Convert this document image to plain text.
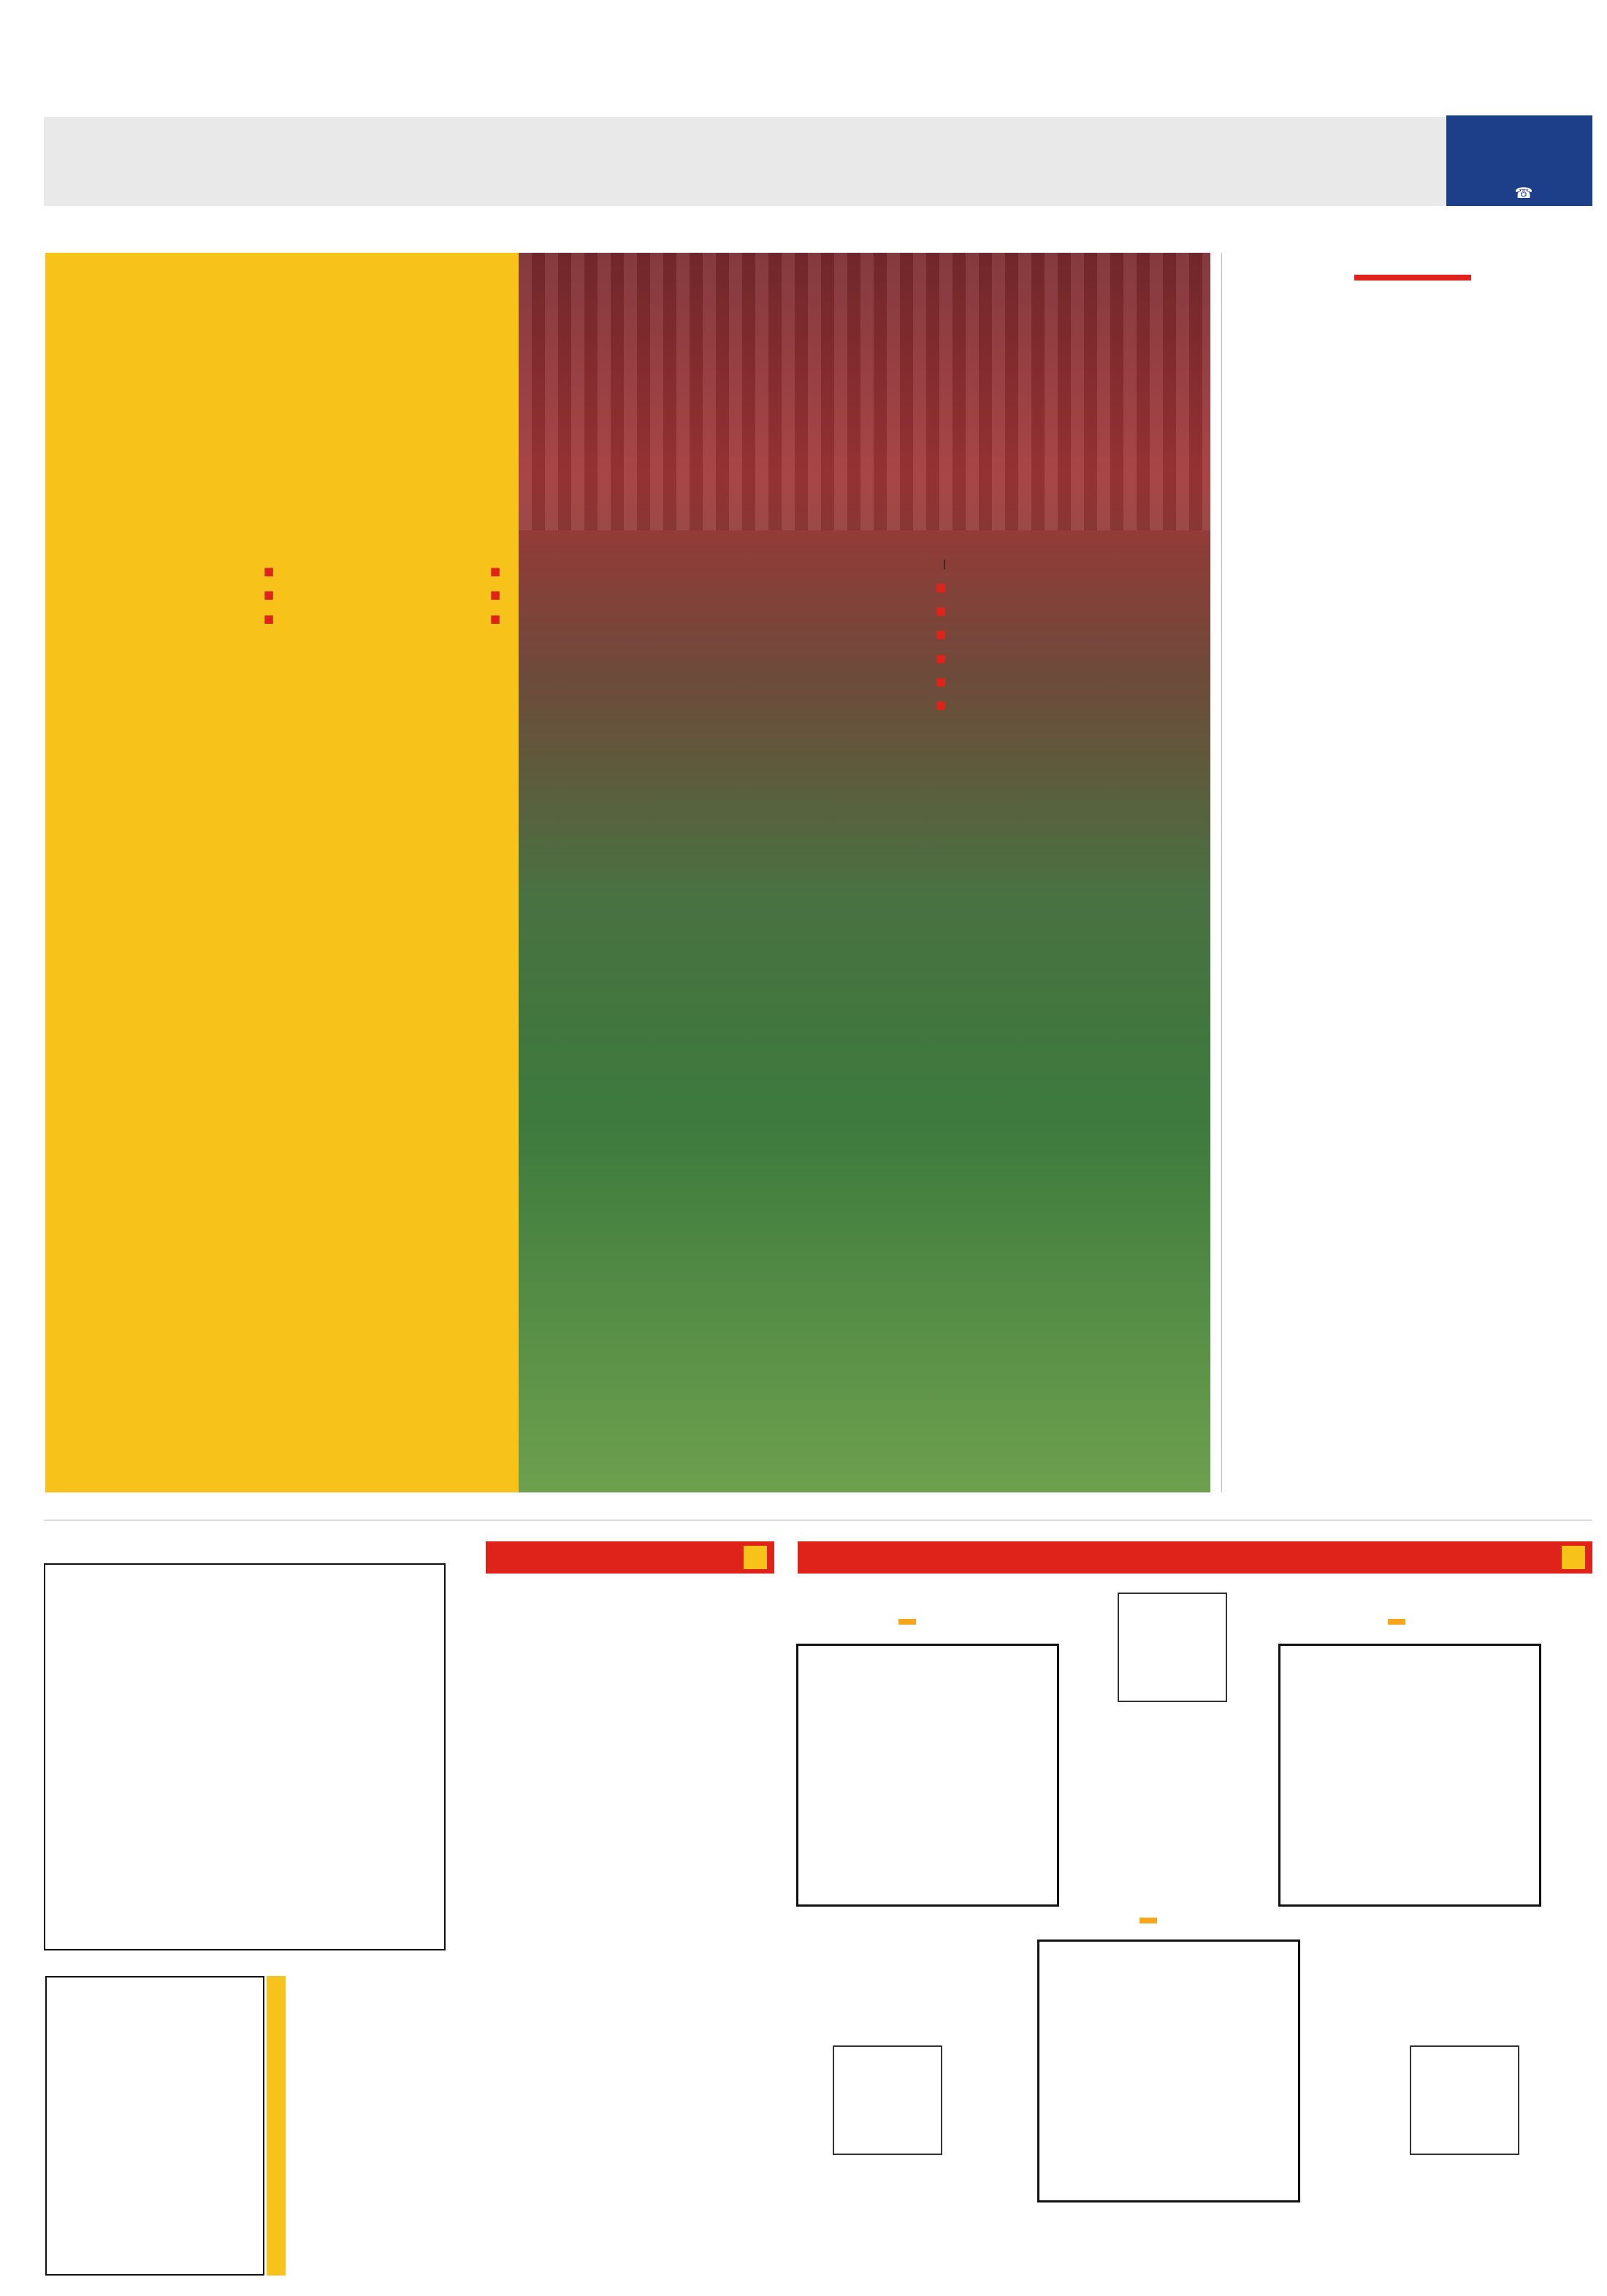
☎

|

■

■

■

■

■

■

■

■

■

■

■

■
